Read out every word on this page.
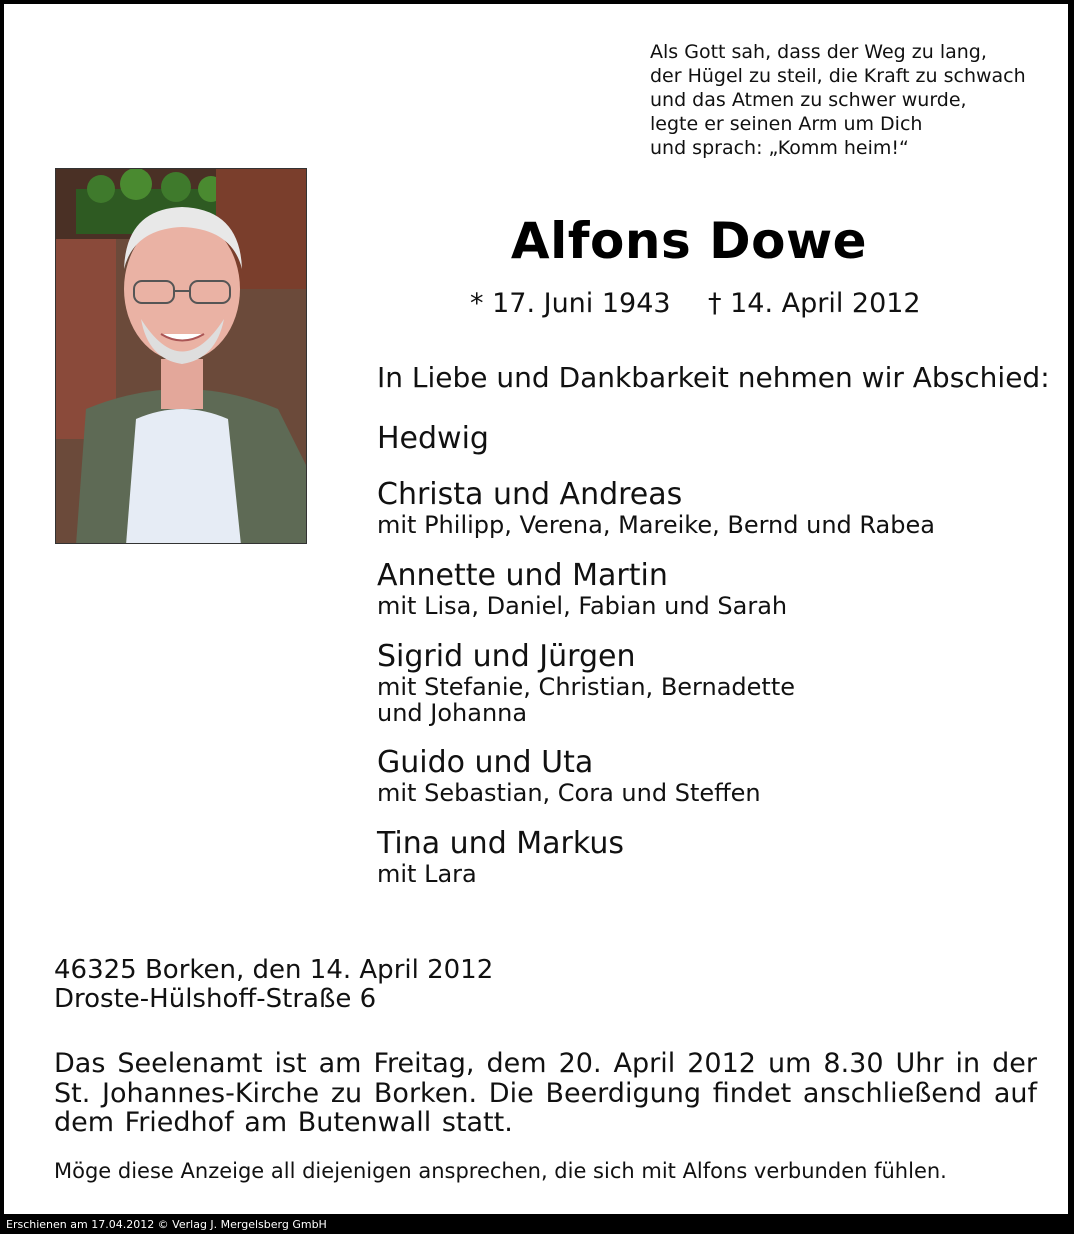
Als Gott sah, dass der Weg zu lang,
der Hügel zu steil, die Kraft zu schwach
und das Atmen zu schwer wurde,
legte er seinen Arm um Dich
und sprach: „Komm heim!“
Alfons Dowe
* 17. Juni 1943 † 14. April 2012
In Liebe und Dankbarkeit nehmen wir Abschied:
Hedwig
Christa und Andreas
mit Philipp, Verena, Mareike, Bernd und Rabea
Annette und Martin
mit Lisa, Daniel, Fabian und Sarah
Sigrid und Jürgen
mit Stefanie, Christian, Bernadette
und Johanna
Guido und Uta
mit Sebastian, Cora und Steffen
Tina und Markus
mit Lara
46325 Borken, den 14. April 2012
Droste-Hülshoff-Straße 6
Das Seelenamt ist am Freitag, dem 20. April 2012 um 8.30 Uhr in der St. Johannes-Kirche zu Borken. Die Beerdigung findet anschließend auf dem Friedhof am Butenwall statt.
Möge diese Anzeige all diejenigen ansprechen, die sich mit Alfons verbunden fühlen.
Erschienen am 17.04.2012 © Verlag J. Mergelsberg GmbH
